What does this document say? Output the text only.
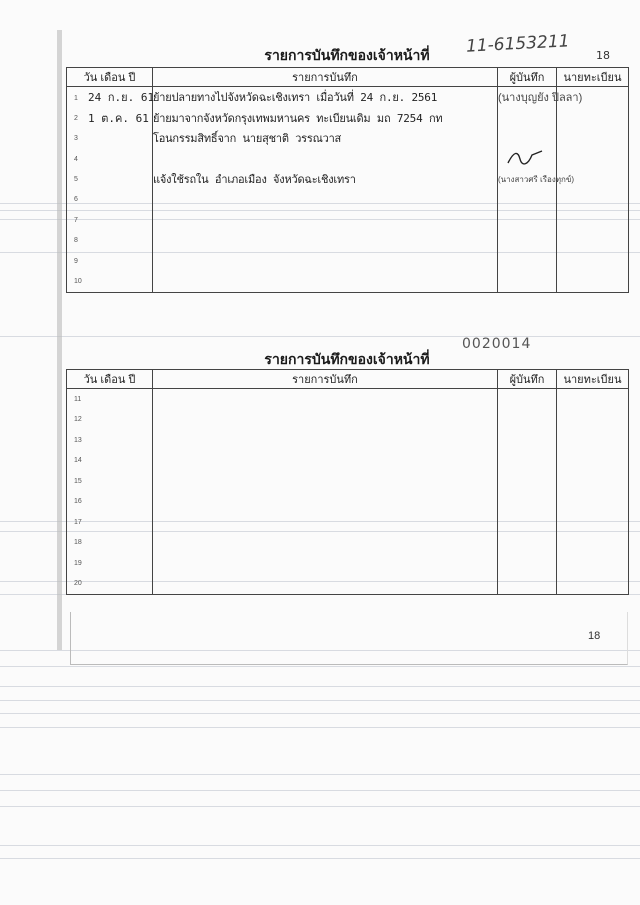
รายการบันทึกของเจ้าหน้าที่	11-6153211 18
วัน เดือน ปี	รายการบันทึก	ผู้บันทึก	นายทะเบียน
1 24 ก.ย. 61	ย้ายปลายทางไปจังหวัดฉะเชิงเทรา เมื่อวันที่ 24 ก.ย. 2561	(นางบุญยัง ปิลลา)	
2 1 ต.ค. 61	ย้ายมาจากจังหวัดกรุงเทพมหานคร ทะเบียนเดิม มถ 7254 กท		
3	โอนกรรมสิทธิ์จาก นายสุชาติ วรรณวาส		
4		

5	แจ้งใช้รถใน อำเภอเมือง จังหวัดฉะเชิงเทรา	(นางสาวศรี เรืองทุกข์)	
6			
7			
8			
9			
10			
0020014
รายการบันทึกของเจ้าหน้าที่
วัน เดือน ปี	รายการบันทึก	ผู้บันทึก	นายทะเบียน
11			
12			
13			
14			
15			
16			
17			
18			
19			
20			
18
